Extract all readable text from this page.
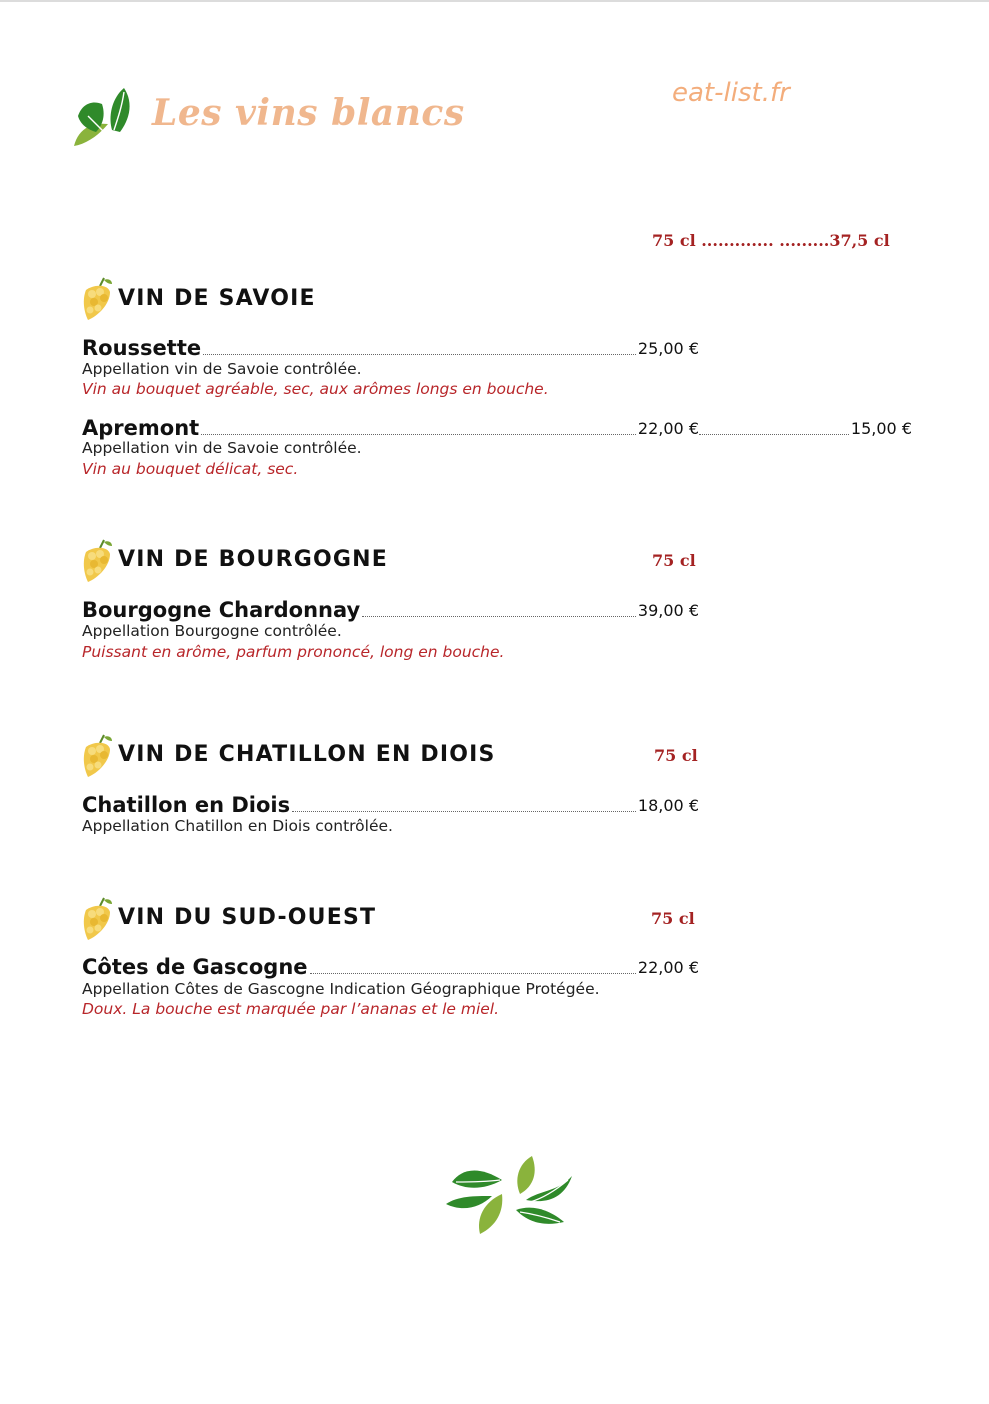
Les vins blancs	eat-list.fr
75 cl ............. .........37,5 cl
VIN DE SAVOIE
Roussette	25,00 €
Appellation vin de Savoie contrôlée.
Vin au bouquet agréable, sec, aux arômes longs en bouche.
Apremont	22,00 €	15,00 €
Appellation vin de Savoie contrôlée.
Vin au bouquet délicat, sec.
VIN DE BOURGOGNE	75 cl
Bourgogne Chardonnay	39,00 €
Appellation Bourgogne contrôlée.
Puissant en arôme, parfum prononcé, long en bouche.
VIN DE CHATILLON EN DIOIS	75 cl
Chatillon en Diois	18,00 €
Appellation Chatillon en Diois contrôlée.
VIN DU SUD-OUEST	75 cl
Côtes de Gascogne	22,00 €
Appellation Côtes de Gascogne Indication Géographique Protégée.
Doux. La bouche est marquée par l’ananas et le miel.
